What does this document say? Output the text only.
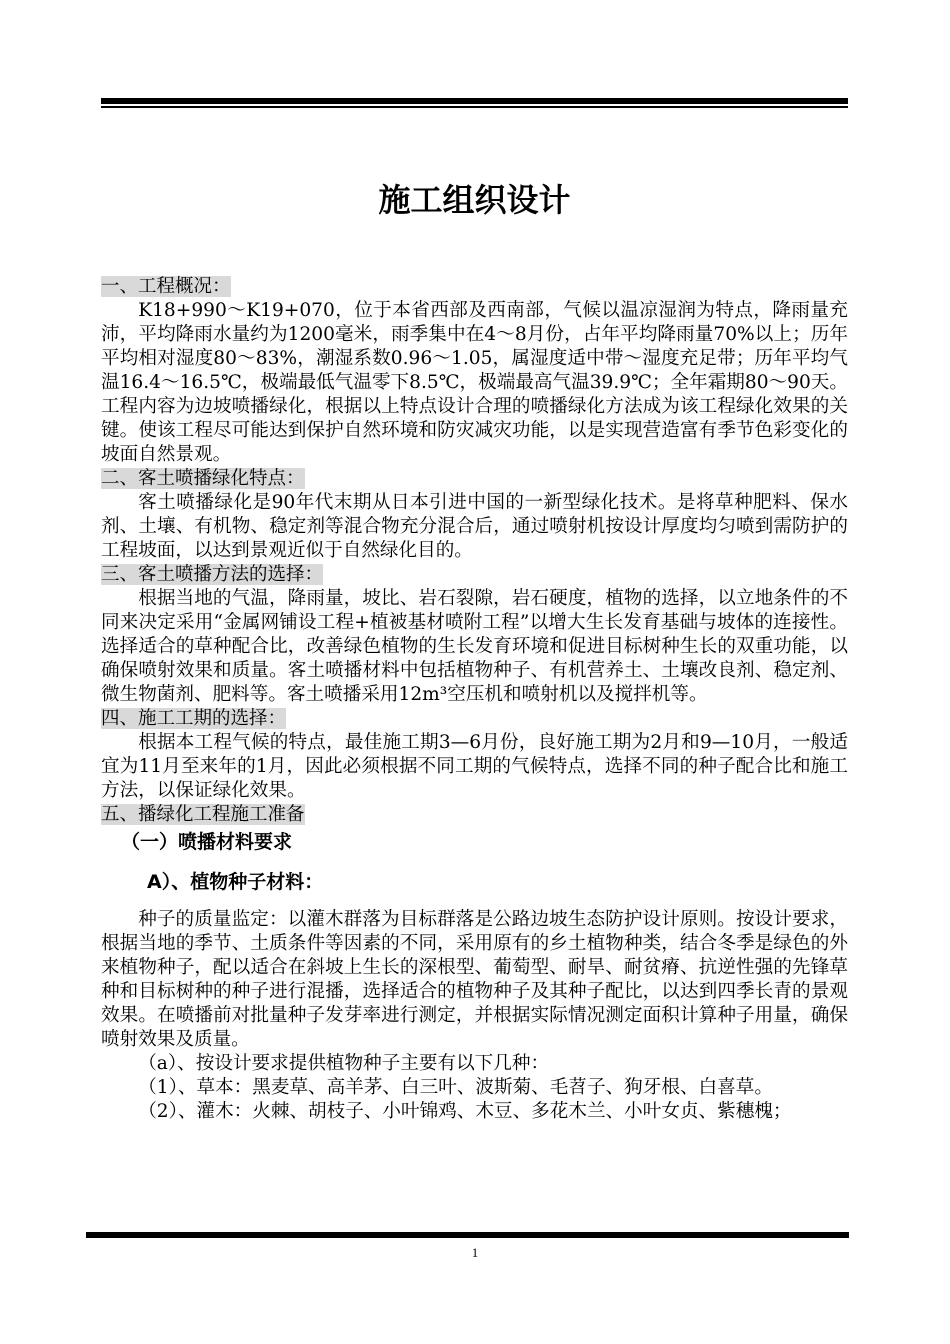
施工组织设计
一、工程概况：
K18+990～K19+070，位于本省西部及西南部，气候以温凉湿润为特点，降雨量充沛，平均降雨水量约为1200毫米，雨季集中在4～8月份，占年平均降雨量70%以上；历年平均相对湿度80～83%，潮湿系数0.96～1.05，属湿度适中带～湿度充足带；历年平均气温16.4～16.5℃，极端最低气温零下8.5℃，极端最高气温39.9℃；全年霜期80～90天。工程内容为边坡喷播绿化，根据以上特点设计合理的喷播绿化方法成为该工程绿化效果的关键。使该工程尽可能达到保护自然环境和防灾减灾功能，以是实现营造富有季节色彩变化的坡面自然景观。
二、客土喷播绿化特点：
客土喷播绿化是90年代末期从日本引进中国的一新型绿化技术。是将草种肥料、保水剂、土壤、有机物、稳定剂等混合物充分混合后，通过喷射机按设计厚度均匀喷到需防护的工程坡面，以达到景观近似于自然绿化目的。
三、客土喷播方法的选择：
根据当地的气温，降雨量，坡比、岩石裂隙，岩石硬度，植物的选择，以立地条件的不同来决定采用“金属网铺设工程+植被基材喷附工程”以增大生长发育基础与坡体的连接性。选择适合的草种配合比，改善绿色植物的生长发育环境和促进目标树种生长的双重功能，以确保喷射效果和质量。客土喷播材料中包括植物种子、有机营养土、土壤改良剂、稳定剂、微生物菌剂、肥料等。客土喷播采用12m³空压机和喷射机以及搅拌机等。
四、施工工期的选择：
根据本工程气候的特点，最佳施工期3—6月份，良好施工期为2月和9—10月，一般适宜为11月至来年的1月，因此必须根据不同工期的气候特点，选择不同的种子配合比和施工方法，以保证绿化效果。
五、播绿化工程施工准备
（一）喷播材料要求
A）、植物种子材料：
种子的质量监定：以灌木群落为目标群落是公路边坡生态防护设计原则。按设计要求，根据当地的季节、土质条件等因素的不同，采用原有的乡土植物种类，结合冬季是绿色的外来植物种子，配以适合在斜坡上生长的深根型、葡萄型、耐旱、耐贫瘠、抗逆性强的先锋草种和目标树种的种子进行混播，选择适合的植物种子及其种子配比，以达到四季长青的景观效果。在喷播前对批量种子发芽率进行测定，并根据实际情况测定面积计算种子用量，确保喷射效果及质量。
（a）、按设计要求提供植物种子主要有以下几种：
（1）、草本：黑麦草、高羊茅、白三叶、波斯菊、毛苕子、狗牙根、白喜草。
（2）、灌木：火棘、胡枝子、小叶锦鸡、木豆、多花木兰、小叶女贞、紫穗槐；
1
